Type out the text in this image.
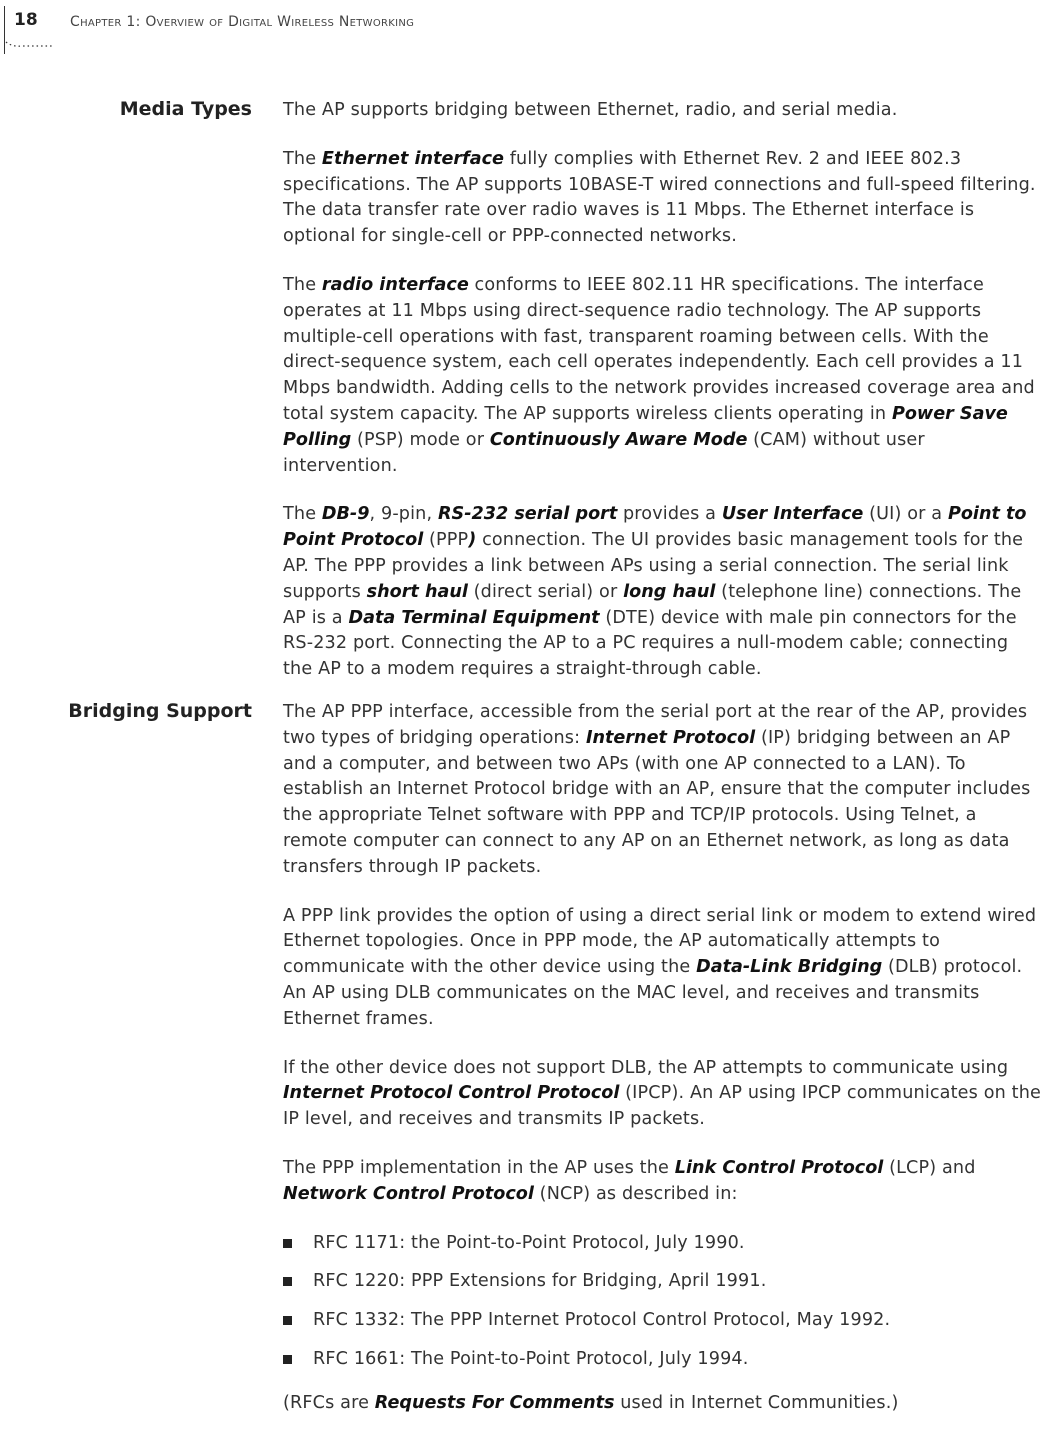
18 Chapter 1: Overview of Digital Wireless Networking
Media Types The AP supports bridging between Ethernet, radio, and serial media.

The Ethernet interface fully complies with Ethernet Rev. 2 and IEEE 802.3 specifications. The AP supports 10BASE-T wired connections and full-speed filtering. The data transfer rate over radio waves is 11 Mbps. The Ethernet interface is optional for single-cell or PPP-connected networks.

The radio interface conforms to IEEE 802.11 HR specifications. The interface operates at 11 Mbps using direct-sequence radio technology. The AP supports multiple-cell operations with fast, transparent roaming between cells. With the direct-sequence system, each cell operates independently. Each cell provides a 11 Mbps bandwidth. Adding cells to the network provides increased coverage area and total system capacity. The AP supports wireless clients operating in Power Save Polling (PSP) mode or Continuously Aware Mode (CAM) without user intervention.

The DB-9, 9-pin, RS-232 serial port provides a User Interface (UI) or a Point to Point Protocol (PPP) connection. The UI provides basic management tools for the AP. The PPP provides a link between APs using a serial connection. The serial link supports short haul (direct serial) or long haul (telephone line) connections. The AP is a Data Terminal Equipment (DTE) device with male pin connectors for the RS-232 port. Connecting the AP to a PC requires a null-modem cable; connecting the AP to a modem requires a straight-through cable.

Bridging Support The AP PPP interface, accessible from the serial port at the rear of the AP, provides two types of bridging operations: Internet Protocol (IP) bridging between an AP and a computer, and between two APs (with one AP connected to a LAN). To establish an Internet Protocol bridge with an AP, ensure that the computer includes the appropriate Telnet software with PPP and TCP/IP protocols. Using Telnet, a remote computer can connect to any AP on an Ethernet network, as long as data transfers through IP packets.

A PPP link provides the option of using a direct serial link or modem to extend wired Ethernet topologies. Once in PPP mode, the AP automatically attempts to communicate with the other device using the Data-Link Bridging (DLB) protocol. An AP using DLB communicates on the MAC level, and receives and transmits Ethernet frames.

If the other device does not support DLB, the AP attempts to communicate using Internet Protocol Control Protocol (IPCP). An AP using IPCP communicates on the IP level, and receives and transmits IP packets.

The PPP implementation in the AP uses the Link Control Protocol (LCP) and Network Control Protocol (NCP) as described in:

RFC 1171: the Point-to-Point Protocol, July 1990.
RFC 1220: PPP Extensions for Bridging, April 1991.
RFC 1332: The PPP Internet Protocol Control Protocol, May 1992.
RFC 1661: The Point-to-Point Protocol, July 1994.

(RFCs are Requests For Comments used in Internet Communities.)
